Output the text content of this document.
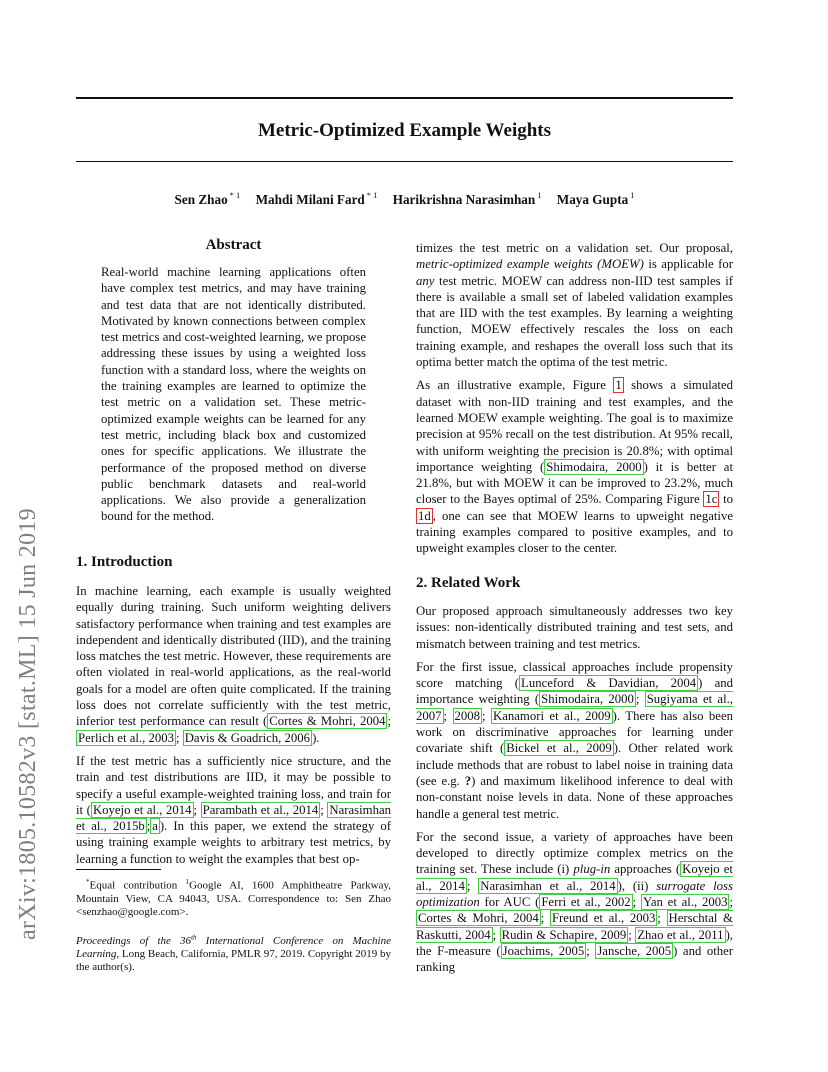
Metric-Optimized Example Weights
Sen Zhao $^{* 1}$ Mahdi Milani Fard $^{* 1}$ Harikrishna Narasimhan $^1$ Maya Gupta $^1$
arXiv:1805.10582v3 [stat.ML] 15 Jun 2019
Abstract
Real-world machine learning applications often have complex test metrics, and may have training and test data that are not identically distributed. Motivated by known connections between complex test metrics and cost-weighted learning, we propose addressing these issues by using a weighted loss function with a standard loss, where the weights on the training examples are learned to optimize the test metric on a validation set. These metric-optimized example weights can be learned for any test metric, including black box and customized ones for specific applications. We illustrate the performance of the proposed method on diverse public benchmark datasets and real-world applications. We also provide a generalization bound for the method.
1. Introduction

In machine learning, each example is usually weighted equally during training. Such uniform weighting delivers satisfactory performance when training and test examples are independent and identically distributed (IID), and the training loss matches the test metric. However, these requirements are often violated in real-world applications, as the real-world goals for a model are often quite complicated. If the training loss does not correlate sufficiently with the test metric, inferior test performance can result ( Cortes & Mohri, 2004 ; Perlich et al., 2003 ; Davis & Goadrich, 2006 ).

If the test metric has a sufficiently nice structure, and the train and test distributions are IID, it may be possible to specify a useful example-weighted training loss, and train for it ( Koyejo et al., 2014 ; Parambath et al., 2014 ; Narasimhan et al., 2015b ; a ). In this paper, we extend the strategy of using training example weights to arbitrary test metrics, by learning a function to weight the examples that best op-

*Equal contribution $^1$Google AI, 1600 Amphitheatre Parkway, Mountain View, CA 94043, USA. Correspondence to: Sen Zhao <senzhao@google.com>.
Proceedings of the 36th International Conference on Machine Learning, Long Beach, California, PMLR 97, 2019. Copyright 2019 by the author(s).

timizes the test metric on a validation set. Our proposal, metric-optimized example weights (MOEW) is applicable for any test metric. MOEW can address non-IID test samples if there is available a small set of labeled validation examples that are IID with the test examples. By learning a weighting function, MOEW effectively rescales the loss on each training example, and reshapes the overall loss such that its optima better match the optima of the test metric.

As an illustrative example, Figure 1 shows a simulated dataset with non-IID training and test examples, and the learned MOEW example weighting. The goal is to maximize precision at 95% recall on the test distribution. At 95% recall, with uniform weighting the precision is 20.8%; with optimal importance weighting ( Shimodaira, 2000 ) it is better at 21.8%, but with MOEW it can be improved to 23.2%, much closer to the Bayes optimal of 25%. Comparing Figure 1c to 1d , one can see that MOEW learns to upweight negative training examples compared to positive examples, and to upweight examples closer to the center.

2. Related Work

Our proposed approach simultaneously addresses two key issues: non-identically distributed training and test sets, and mismatch between training and test metrics.

For the first issue, classical approaches include propensity score matching ( Lunceford & Davidian, 2004 ) and importance weighting ( Shimodaira, 2000 ; Sugiyama et al., 2007 ; 2008 ; Kanamori et al., 2009 ). There has also been work on discriminative approaches for learning under covariate shift ( Bickel et al., 2009 ). Other related work include methods that are robust to label noise in training data (see e.g. ?) and maximum likelihood inference to deal with non-constant noise levels in data. None of these approaches handle a general test metric.

For the second issue, a variety of approaches have been developed to directly optimize complex metrics on the training set. These include (i) plug-in approaches ( Koyejo et al., 2014 ; Narasimhan et al., 2014 ), (ii) surrogate loss optimization for AUC ( Ferri et al., 2002 ; Yan et al., 2003 ; Cortes & Mohri, 2004 ; Freund et al., 2003 ; Herschtal & Raskutti, 2004 ; Rudin & Schapire, 2009 ; Zhao et al., 2011 ), the F-measure ( Joachims, 2005 ; Jansche, 2005 ) and other ranking
